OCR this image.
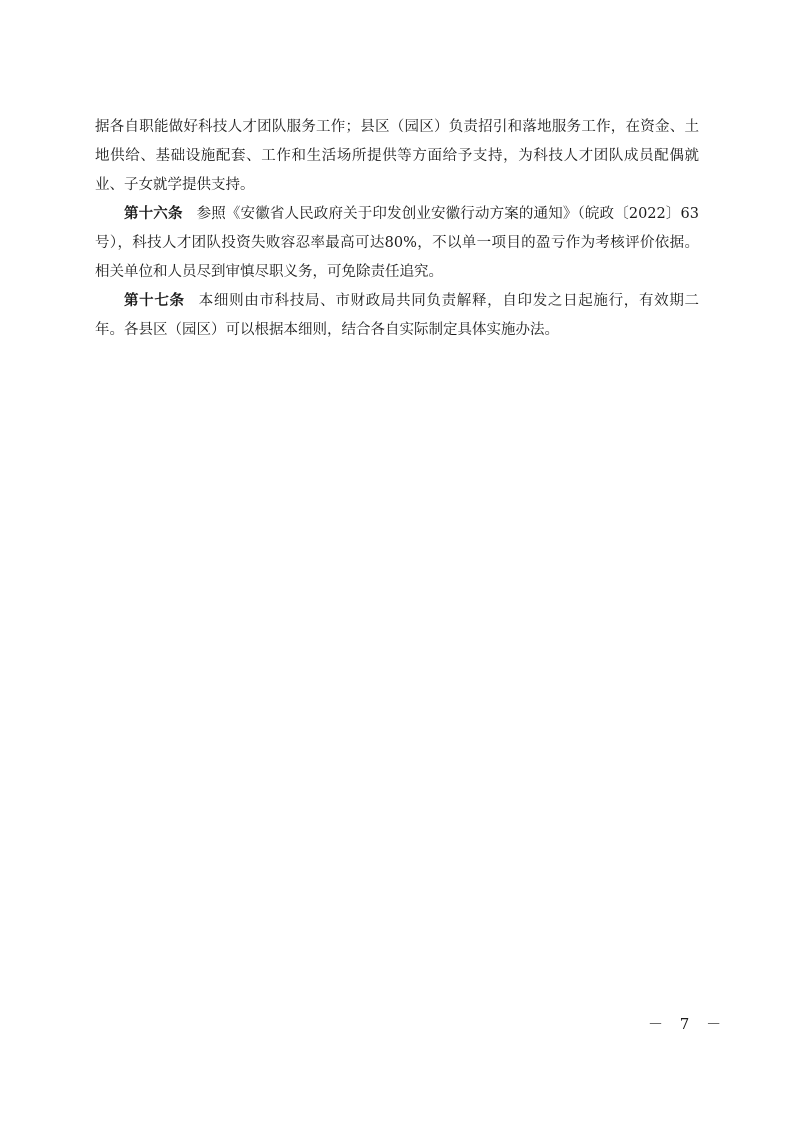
据各自职能做好科技人才团队服务工作；县区（园区）负责招引和落地服务工作，在资金、土地供给、基础设施配套、工作和生活场所提供等方面给予支持，为科技人才团队成员配偶就业、子女就学提供支持。

第十六条 参照《安徽省人民政府关于印发创业安徽行动方案的通知》（皖政〔2022〕63号），科技人才团队投资失败容忍率最高可达80%，不以单一项目的盈亏作为考核评价依据。相关单位和人员尽到审慎尽职义务，可免除责任追究。

第十七条 本细则由市科技局、市财政局共同负责解释，自印发之日起施行，有效期二年。各县区（园区）可以根据本细则，结合各自实际制定具体实施办法。

－ 7 －
